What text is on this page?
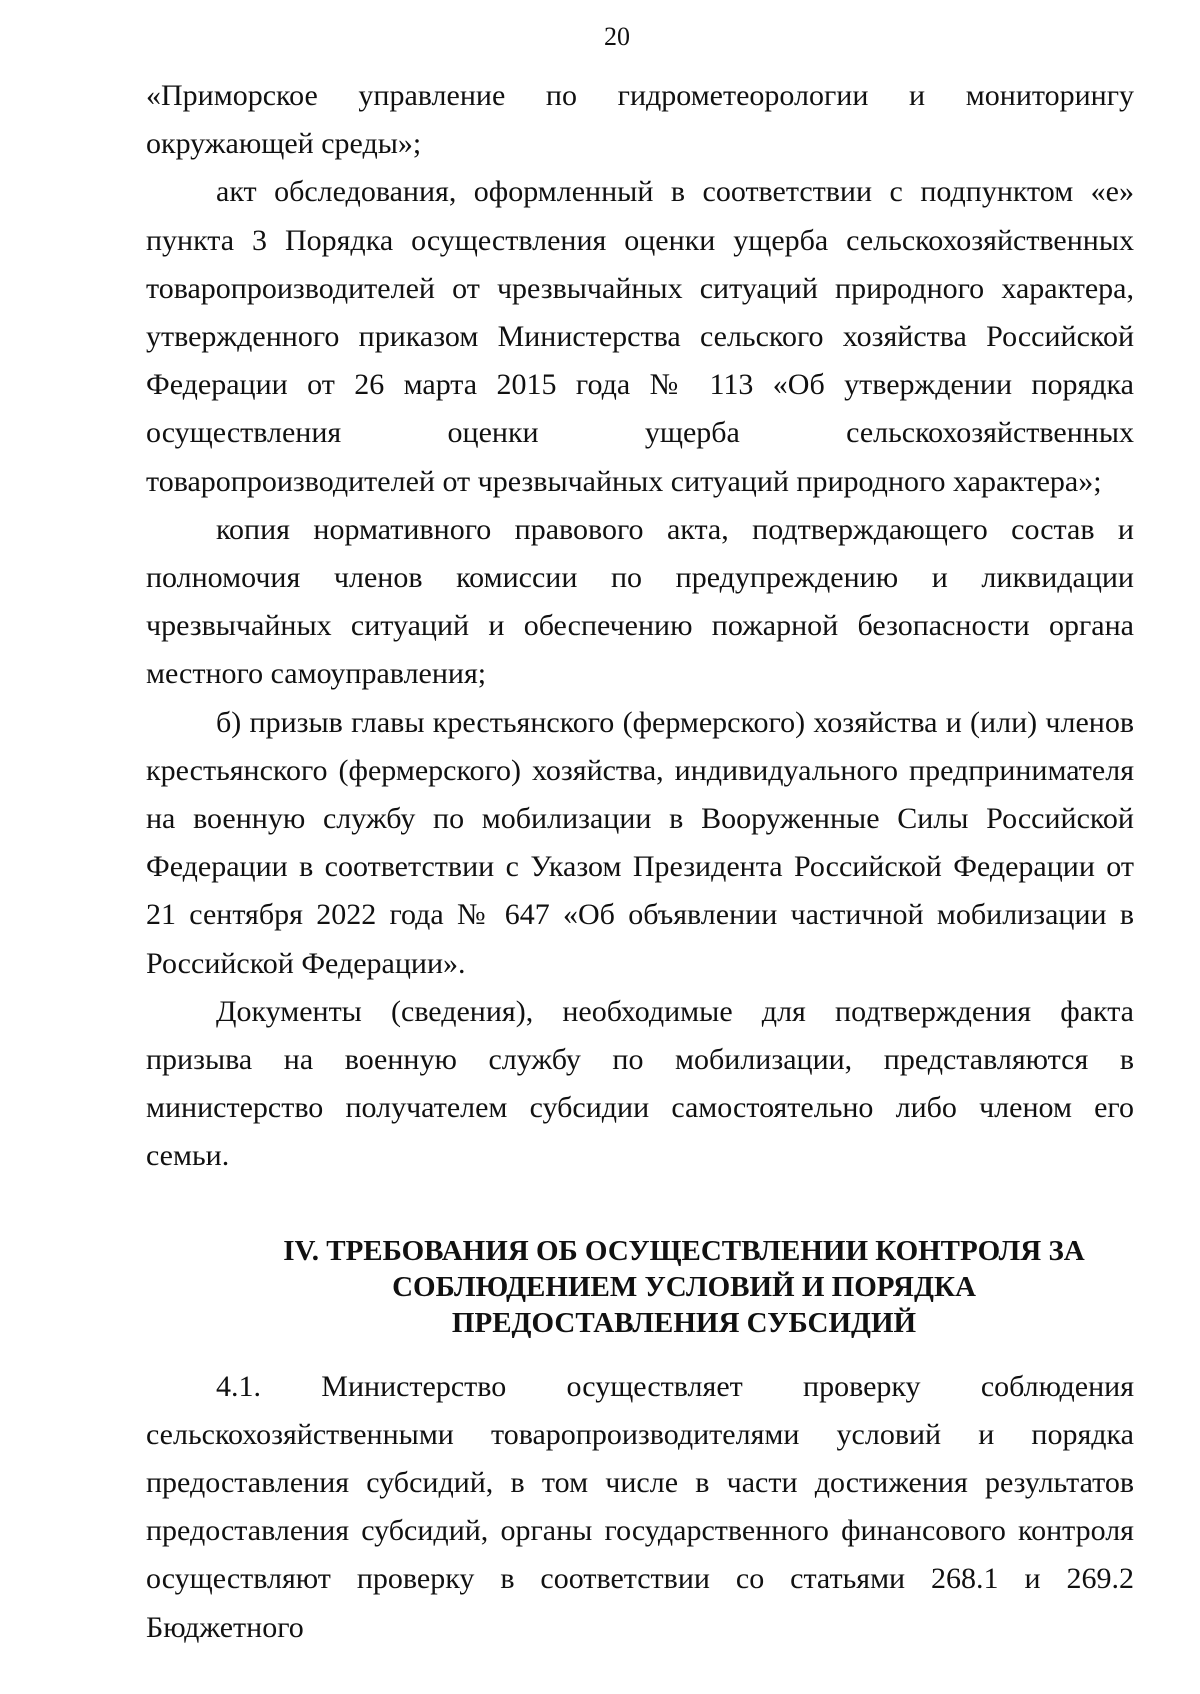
20

«Приморское управление по гидрометеорологии и мониторингу окружающей среды»;

акт обследования, оформленный в соответствии с подпунктом «е» пункта 3 Порядка осуществления оценки ущерба сельскохозяйственных товаропроизводителей от чрезвычайных ситуаций природного характера, утвержденного приказом Министерства сельского хозяйства Российской Федерации от 26 марта 2015 года № 113 «Об утверждении порядка осуществления оценки ущерба сельскохозяйственных товаропроизводителей от чрезвычайных ситуаций природного характера»;

копия нормативного правового акта, подтверждающего состав и полномочия членов комиссии по предупреждению и ликвидации чрезвычайных ситуаций и обеспечению пожарной безопасности органа местного самоуправления;

б) призыв главы крестьянского (фермерского) хозяйства и (или) членов крестьянского (фермерского) хозяйства, индивидуального предпринимателя на военную службу по мобилизации в Вооруженные Силы Российской Федерации в соответствии с Указом Президента Российской Федерации от 21 сентября 2022 года № 647 «Об объявлении частичной мобилизации в Российской Федерации».

Документы (сведения), необходимые для подтверждения факта призыва на военную службу по мобилизации, представляются в министерство получателем субсидии самостоятельно либо членом его семьи.

IV. ТРЕБОВАНИЯ ОБ ОСУЩЕСТВЛЕНИИ КОНТРОЛЯ ЗА
СОБЛЮДЕНИЕМ УСЛОВИЙ И ПОРЯДКА
ПРЕДОСТАВЛЕНИЯ СУБСИДИЙ

4.1. Министерство осуществляет проверку соблюдения сельскохозяйственными товаропроизводителями условий и порядка предоставления субсидий, в том числе в части достижения результатов предоставления субсидий, органы государственного финансового контроля осуществляют проверку в соответствии со статьями 268.1 и 269.2 Бюджетного
